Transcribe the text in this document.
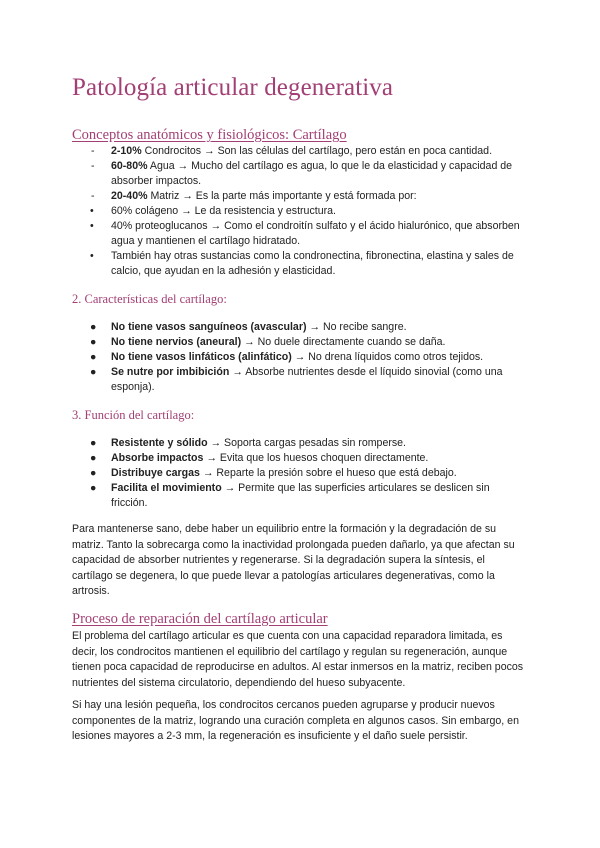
Patología articular degenerativa
Conceptos anatómicos y fisiológicos: Cartílago
- 2-10% Condrocitos → Son las células del cartílago, pero están en poca cantidad.
- 60-80% Agua → Mucho del cartílago es agua, lo que le da elasticidad y capacidad de absorber impactos.
- 20-40% Matriz → Es la parte más importante y está formada por:
• 60% colágeno → Le da resistencia y estructura.
• 40% proteoglucanos → Como el condroitín sulfato y el ácido hialurónico, que absorben agua y mantienen el cartílago hidratado.
• También hay otras sustancias como la condronectina, fibronectina, elastina y sales de calcio, que ayudan en la adhesión y elasticidad.
2. Características del cartílago:
● No tiene vasos sanguíneos (avascular) → No recibe sangre.
● No tiene nervios (aneural) → No duele directamente cuando se daña.
● No tiene vasos linfáticos (alinfático) → No drena líquidos como otros tejidos.
● Se nutre por imbibición → Absorbe nutrientes desde el líquido sinovial (como una esponja).
3. Función del cartílago:
● Resistente y sólido → Soporta cargas pesadas sin romperse.
● Absorbe impactos → Evita que los huesos choquen directamente.
● Distribuye cargas → Reparte la presión sobre el hueso que está debajo.
● Facilita el movimiento → Permite que las superficies articulares se deslicen sin fricción.

Para mantenerse sano, debe haber un equilibrio entre la formación y la degradación de su matriz. Tanto la sobrecarga como la inactividad prolongada pueden dañarlo, ya que afectan su capacidad de absorber nutrientes y regenerarse. Si la degradación supera la síntesis, el cartílago se degenera, lo que puede llevar a patologías articulares degenerativas, como la artrosis.

Proceso de reparación del cartílago articular

El problema del cartílago articular es que cuenta con una capacidad reparadora limitada, es decir, los condrocitos mantienen el equilibrio del cartílago y regulan su regeneración, aunque tienen poca capacidad de reproducirse en adultos. Al estar inmersos en la matriz, reciben pocos nutrientes del sistema circulatorio, dependiendo del hueso subyacente.

Si hay una lesión pequeña, los condrocitos cercanos pueden agruparse y producir nuevos componentes de la matriz, logrando una curación completa en algunos casos. Sin embargo, en lesiones mayores a 2-3 mm, la regeneración es insuficiente y el daño suele persistir.
